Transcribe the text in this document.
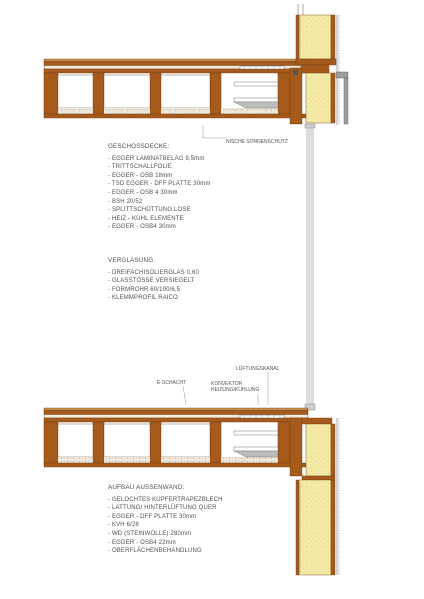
NISCHE SONNENSCHUTZ
LÜFTUNGSKANAL
E-SCHACHT	KONVEKTOR
HEIZUNG/KÜHLUNG
GESCHOSSDECKE:
- EGGER LAMINATBELAG 9,5mm
- TRITTSCHALLFOLIE
- EGGER - OSB 18mm
- TSD EGGER - DFF PLATTE 30mm
- EGGER - OSB 4 30mm
- BSH 20/52
- SPLITTSCHÜTTUNG LOSE
- HEIZ - KÜHL ELEMENTE
- EGGER - OSB4 30mm
VERGLASUNG:
- DREIFACHISOLIERGLAS 0,60
- GLASSTÖSSE VERSIEGELT
- FORMROHR 60/100/6,5
- KLEMMPROFIL RAICO
AUFBAU AUSSENWAND:
- GELOCHTES KUPFERTRAPEZBLECH
- LATTUNG/ HINTERLÜFTUNG QUER
- EGGER - DFF PLATTE 30mm
- KVH 6/28
- WD (STEINWOLLE) 280mm
- EGGER - OSB4 22mm
- OBERFLÄCHENBEHANDLUNG
